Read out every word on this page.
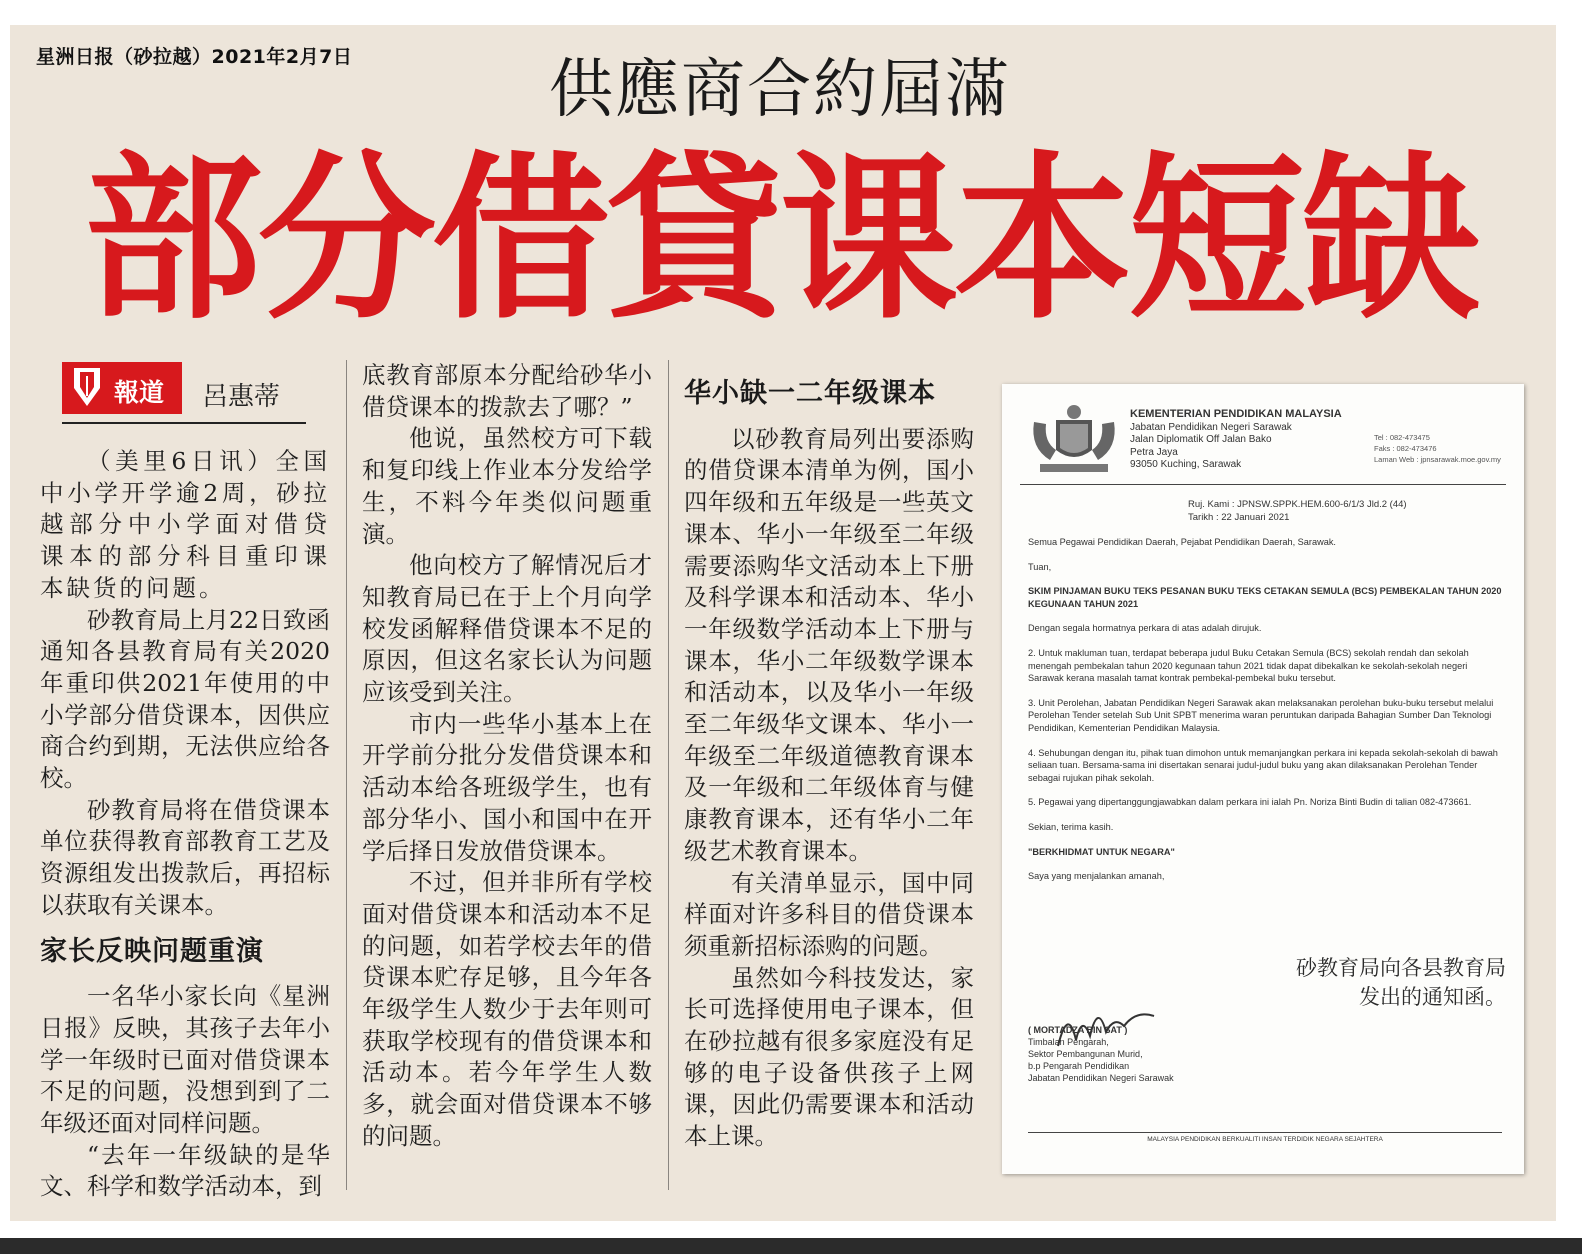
星洲日报（砂拉越）2021年2月7日	供應商合約屆滿
部分借貸课本短缺
報道 呂惠蒂

（美里6日讯）全国中小学开学逾2周，砂拉越部分中小学面对借贷课本的部分科目重印课本缺货的问题。

砂教育局上月22日致函通知各县教育局有关2020年重印供2021年使用的中小学部分借贷课本，因供应商合约到期，无法供应给各校。

砂教育局将在借贷课本单位获得教育部教育工艺及资源组发出拨款后，再招标以获取有关课本。

家长反映问题重演

一名华小家长向《星洲日报》反映，其孩子去年小学一年级时已面对借贷课本不足的问题，没想到到了二年级还面对同样问题。

“去年一年级缺的是华文、科学和数学活动本，到

底教育部原本分配给砂华小借贷课本的拨款去了哪？”

他说，虽然校方可下载和复印线上作业本分发给学生，不料今年类似问题重演。

他向校方了解情况后才知教育局已在于上个月向学校发函解释借贷课本不足的原因，但这名家长认为问题应该受到关注。

市内一些华小基本上在开学前分批分发借贷课本和活动本给各班级学生，也有部分华小、国小和国中在开学后择日发放借贷课本。

不过，但并非所有学校面对借贷课本和活动本不足的问题，如若学校去年的借贷课本贮存足够，且今年各年级学生人数少于去年则可获取学校现有的借贷课本和活动本。若今年学生人数多，就会面对借贷课本不够的问题。

华小缺一二年级课本

以砂教育局列出要添购的借贷课本清单为例，国小四年级和五年级是一些英文课本、华小一年级至二年级需要添购华文活动本上下册及科学课本和活动本、华小一年级数学活动本上下册与课本，华小二年级数学课本和活动本，以及华小一年级至二年级华文课本、华小一年级至二年级道德教育课本及一年级和二年级体育与健康教育课本，还有华小二年级艺术教育课本。

有关清单显示，国中同样面对许多科目的借贷课本须重新招标添购的问题。

虽然如今科技发达，家长可选择使用电子课本，但在砂拉越有很多家庭没有足够的电子设备供孩子上网课，因此仍需要课本和活动本上课。

KEMENTERIAN PENDIDIKAN MALAYSIA
Jabatan Pendidikan Negeri Sarawak
Jalan Diplomatik Off Jalan Bako
Petra Jaya
93050 Kuching, Sarawak
Tel : 082-473475
Faks : 082-473476
Laman Web : jpnsarawak.moe.gov.my
Ruj. Kami : JPNSW.SPPK.HEM.600-6/1/3 Jld.2 (44)
Tarikh : 22 Januari 2021

Semua Pegawai Pendidikan Daerah, Pejabat Pendidikan Daerah, Sarawak.

Tuan,

SKIM PINJAMAN BUKU TEKS PESANAN BUKU TEKS CETAKAN SEMULA (BCS) PEMBEKALAN TAHUN 2020 KEGUNAAN TAHUN 2021

Dengan segala hormatnya perkara di atas adalah dirujuk.

2. Untuk makluman tuan, terdapat beberapa judul Buku Cetakan Semula (BCS) sekolah rendah dan sekolah menengah pembekalan tahun 2020 kegunaan tahun 2021 tidak dapat dibekalkan ke sekolah-sekolah negeri Sarawak kerana masalah tamat kontrak pembekal-pembekal buku tersebut.

3. Unit Perolehan, Jabatan Pendidikan Negeri Sarawak akan melaksanakan perolehan buku-buku tersebut melalui Perolehan Tender setelah Sub Unit SPBT menerima waran peruntukan daripada Bahagian Sumber Dan Teknologi Pendidikan, Kementerian Pendidikan Malaysia.

4. Sehubungan dengan itu, pihak tuan dimohon untuk memanjangkan perkara ini kepada sekolah-sekolah di bawah seliaan tuan. Bersama-sama ini disertakan senarai judul-judul buku yang akan dilaksanakan Perolehan Tender sebagai rujukan pihak sekolah.

5. Pegawai yang dipertanggungjawabkan dalam perkara ini ialah Pn. Noriza Binti Budin di talian 082-473661.

Sekian, terima kasih.

"BERKHIDMAT UNTUK NEGARA"

Saya yang menjalankan amanah,

( MORTADZA BIN SAT )
Timbalan Pengarah,
Sektor Pembangunan Murid,
b.p Pengarah Pendidikan
Jabatan Pendidikan Negeri Sarawak
MALAYSIA PENDIDIKAN BERKUALITI INSAN TERDIDIK NEGARA SEJAHTERA
砂教育局向各县教育局发出的通知函。
